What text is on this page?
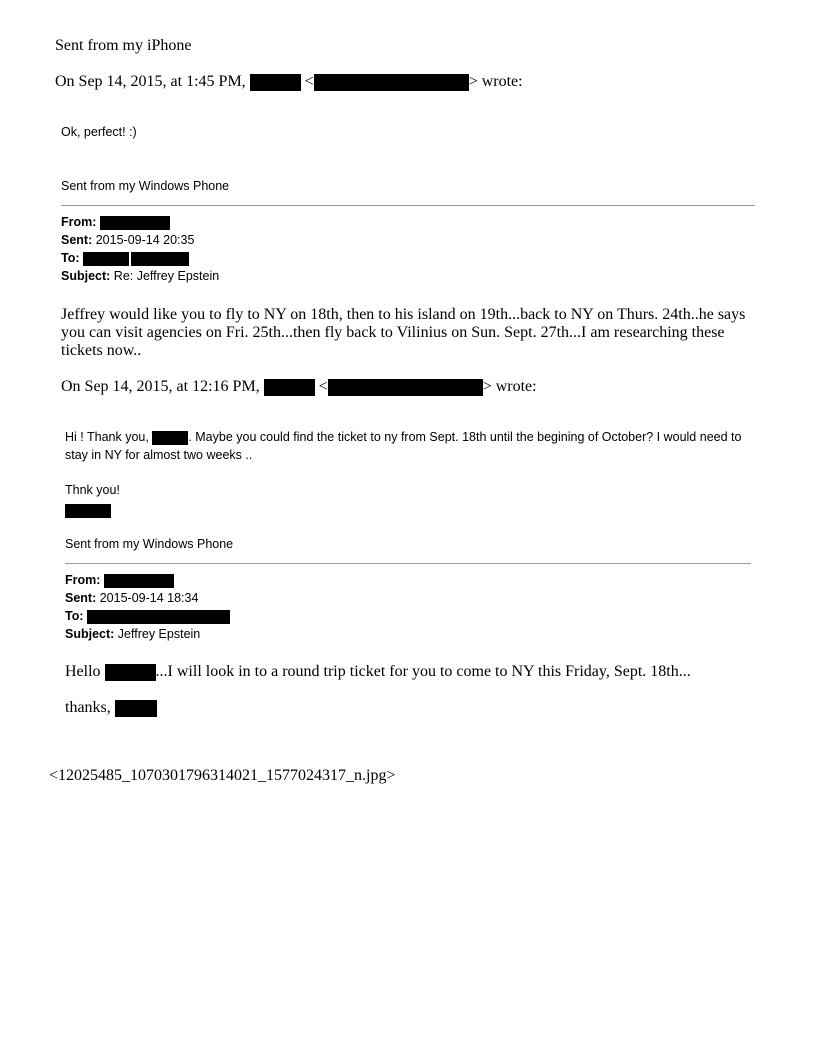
Sent from my iPhone
On Sep 14, 2015, at 1:45 PM,	<	> wrote:
Ok, perfect! :)
Sent from my Windows Phone
From:
Sent: 2015-09-14 20:35
To:
Subject: Re: Jeffrey Epstein
Jeffrey would like you to fly to NY on 18th, then to his island on 19th...back to NY on Thurs. 24th..he says you can visit agencies on Fri. 25th...then fly back to Vilinius on Sun. Sept. 27th...I am researching these tickets now..
On Sep 14, 2015, at 12:16 PM,	<	> wrote:
Hi ! Thank you,	. Maybe you could find the ticket to ny from Sept. 18th until the begining of October? I would need to stay in NY for almost two weeks ..
Thnk you!
Sent from my Windows Phone
From:
Sent: 2015-09-14 18:34
To:
Subject: Jeffrey Epstein
Hello	...I will look in to a round trip ticket for you to come to NY this Friday, Sept. 18th...
thanks,
<12025485_1070301796314021_1577024317_n.jpg>
